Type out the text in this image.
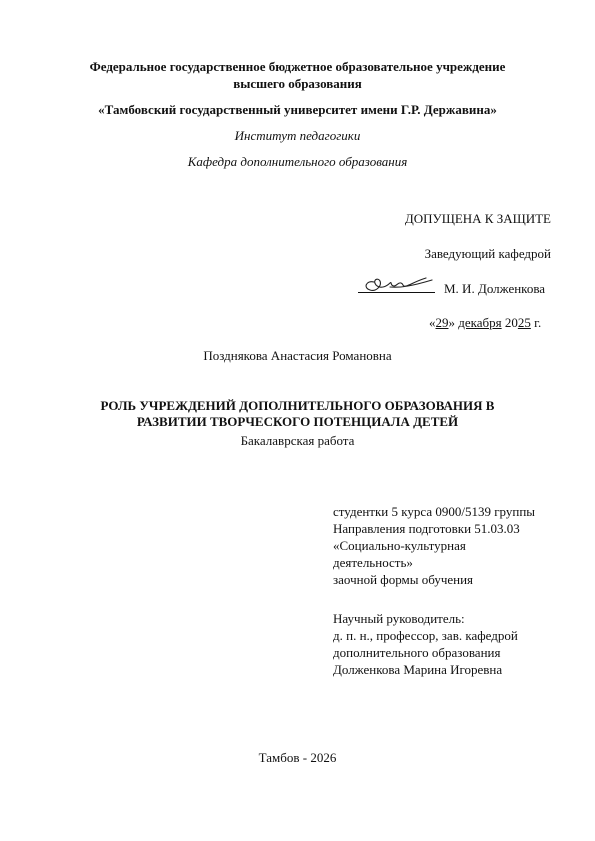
Федеральное государственное бюджетное образовательное учреждение
высшего образования
«Тамбовский государственный университет имени Г.Р. Державина»
Институт педагогики
Кафедра дополнительного образования
ДОПУЩЕНА К ЗАЩИТЕ
Заведующий кафедрой
М. И. Долженкова
«29» декабря 2025 г.
Позднякова Анастасия Романовна
РОЛЬ УЧРЕЖДЕНИЙ ДОПОЛНИТЕЛЬНОГО ОБРАЗОВАНИЯ В
РАЗВИТИИ ТВОРЧЕСКОГО ПОТЕНЦИАЛА ДЕТЕЙ
Бакалаврская работа

студентки 5 курса 0900/5139 группы

Направления подготовки 51.03.03

«Социально-культурная

деятельность»

заочной формы обучения

Научный руководитель:

д. п. н., профессор, зав. кафедрой

дополнительного образования

Долженкова Марина Игоревна

Тамбов - 2026
